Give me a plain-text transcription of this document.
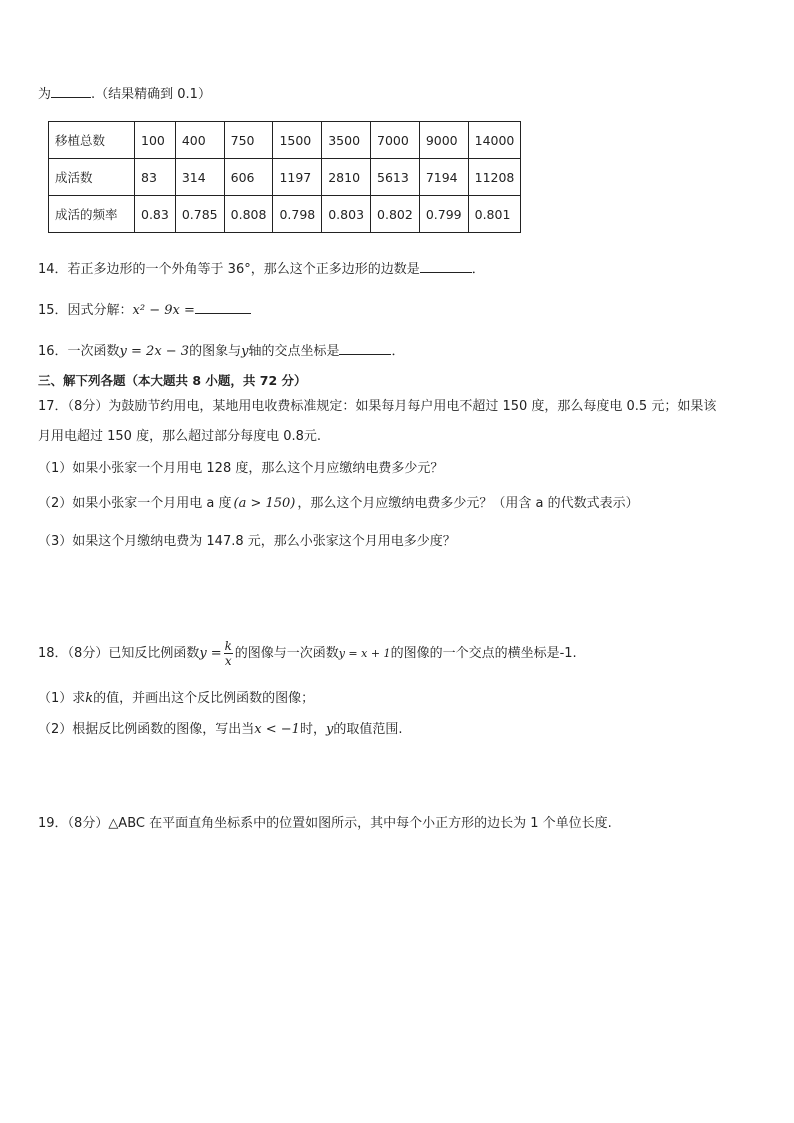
为	.（结果精确到 0.1）
移植总数	100	400	750	1500	3500	7000	9000	14000
成活数	83	314	606	1197	2810	5613	7194	11208
成活的频率	0.83	0.785	0.808	0.798	0.803	0.802	0.799	0.801
14．若正多边形的一个外角等于 36°，那么这个正多边形的边数是	．
15．因式分解：x² − 9x =
16．一次函数y = 2x − 3的图象与y轴的交点坐标是	．
三、解下列各题（本大题共 8 小题，共 72 分）
17．（8分）为鼓励节约用电，某地用电收费标准规定：如果每月每户用电不超过 150 度，那么每度电 0.5 元；如果该
月用电超过 150 度，那么超过部分每度电 0.8元.
（1）如果小张家一个月用电 128 度，那么这个月应缴纳电费多少元？
（2）如果小张家一个月用电 a 度 (a > 150) ，那么这个月应缴纳电费多少元？（用含 a 的代数式表示）
（3）如果这个月缴纳电费为 147.8 元，那么小张家这个月用电多少度？
18．（8分）已知反比例函数$y = \frac{k}{x}$ 的图像与一次函数y = x + 1的图像的一个交点的横坐标是-1.
（1）求k的值，并画出这个反比例函数的图像；
（2）根据反比例函数的图像，写出当x < −1时，y的取值范围.
19．（8分）△ABC 在平面直角坐标系中的位置如图所示，其中每个小正方形的边长为 1 个单位长度.
